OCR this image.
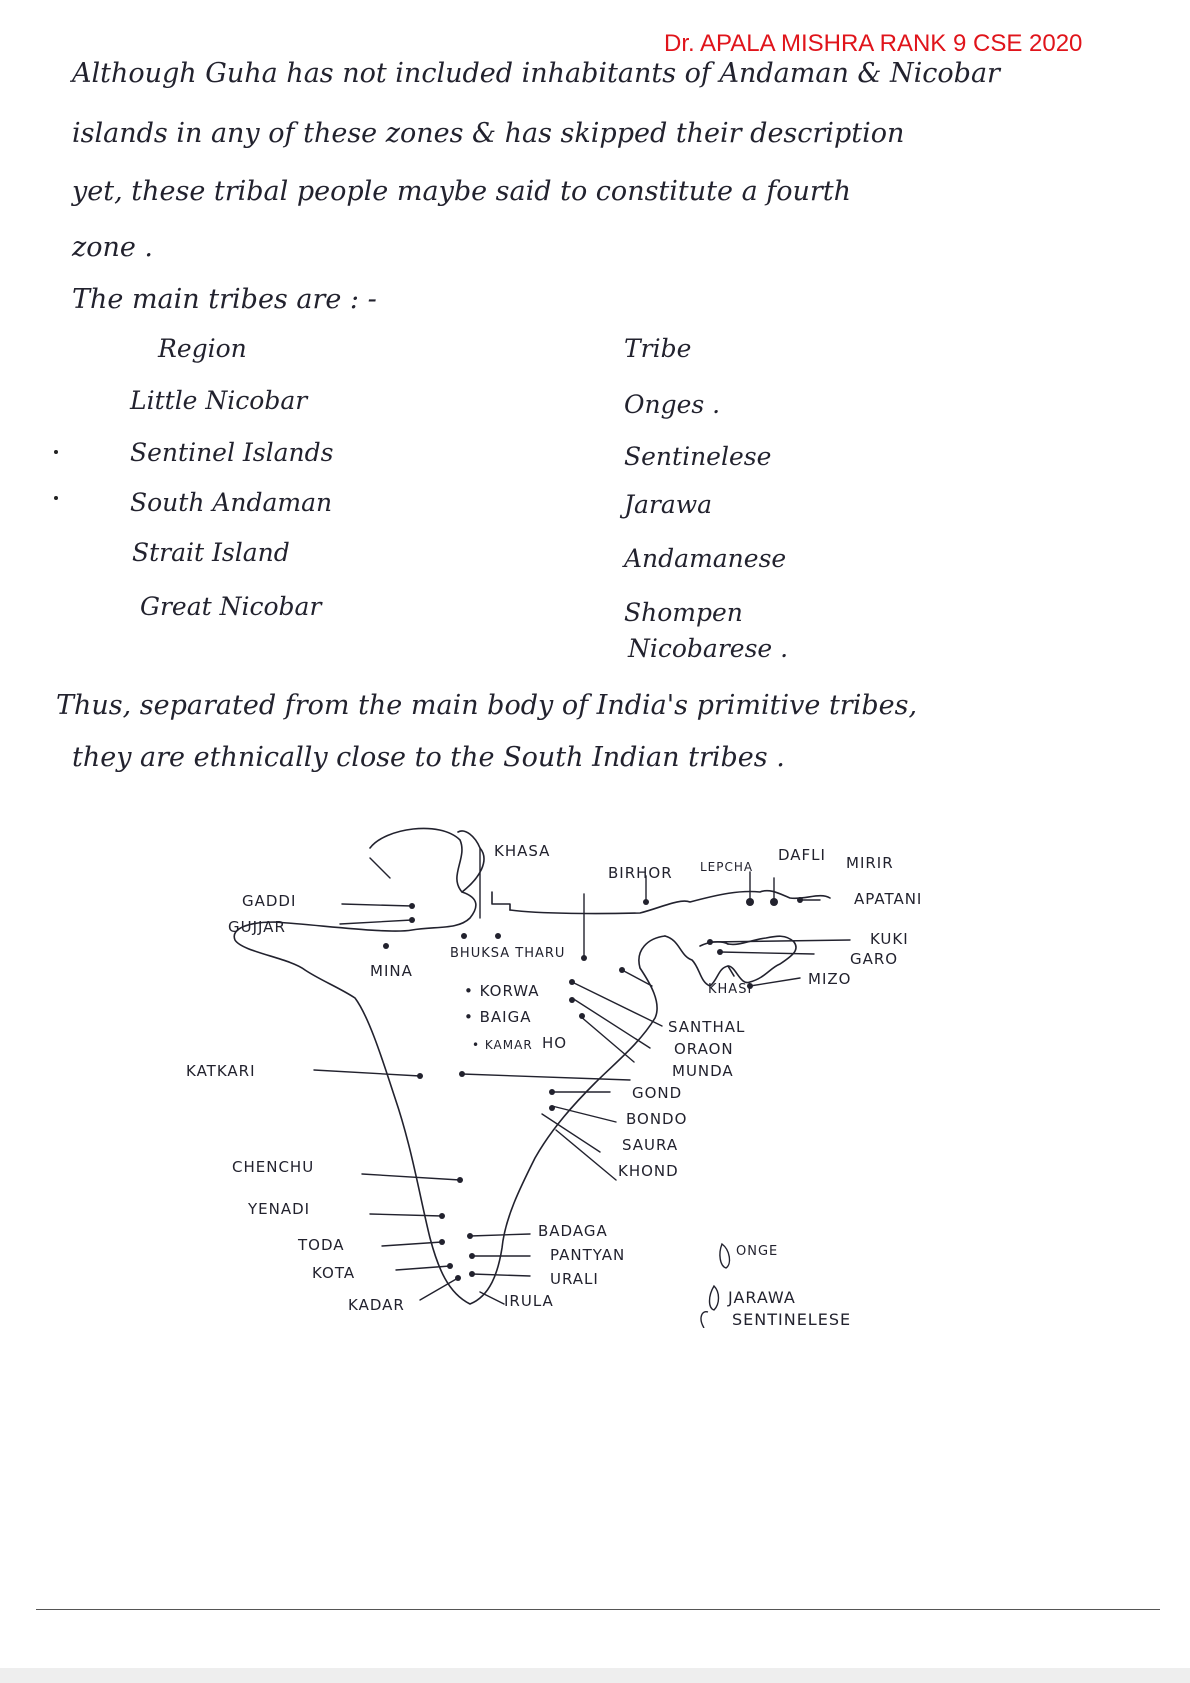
Dr. APALA MISHRA RANK 9 CSE 2020
Although Guha has not included inhabitants of Andaman & Nicobar
islands in any of these zones & has skipped their description
yet, these tribal people maybe said to constitute a fourth
zone .
The main tribes are : -
Region	Tribe
Little Nicobar	Onges .
Sentinel Islands	Sentinelese
South Andaman	Jarawa
Strait Island	Andamanese
Great Nicobar	Shompen
Nicobarese .
Thus, separated from the main body of India's primitive tribes,
they are ethnically close to the South Indian tribes .
GADDI
GUJJAR
KHASA
BIRHOR LEPCHA
DAFLI MIRIR
APATANI
BHUKSA THARU
KUKI
GARO
MINA
• KORWA
• BAIGA
• KAMAR HO
KHASI
MIZO
SANTHAL
ORAON
MUNDA
KATKARI
GOND
BONDO
SAURA
KHOND
CHENCHU
YENADI
TODA
KOTA
KADAR
BADAGA
PANTYAN
URALI
IRULA
ONGE
JARAWA
SENTINELESE
